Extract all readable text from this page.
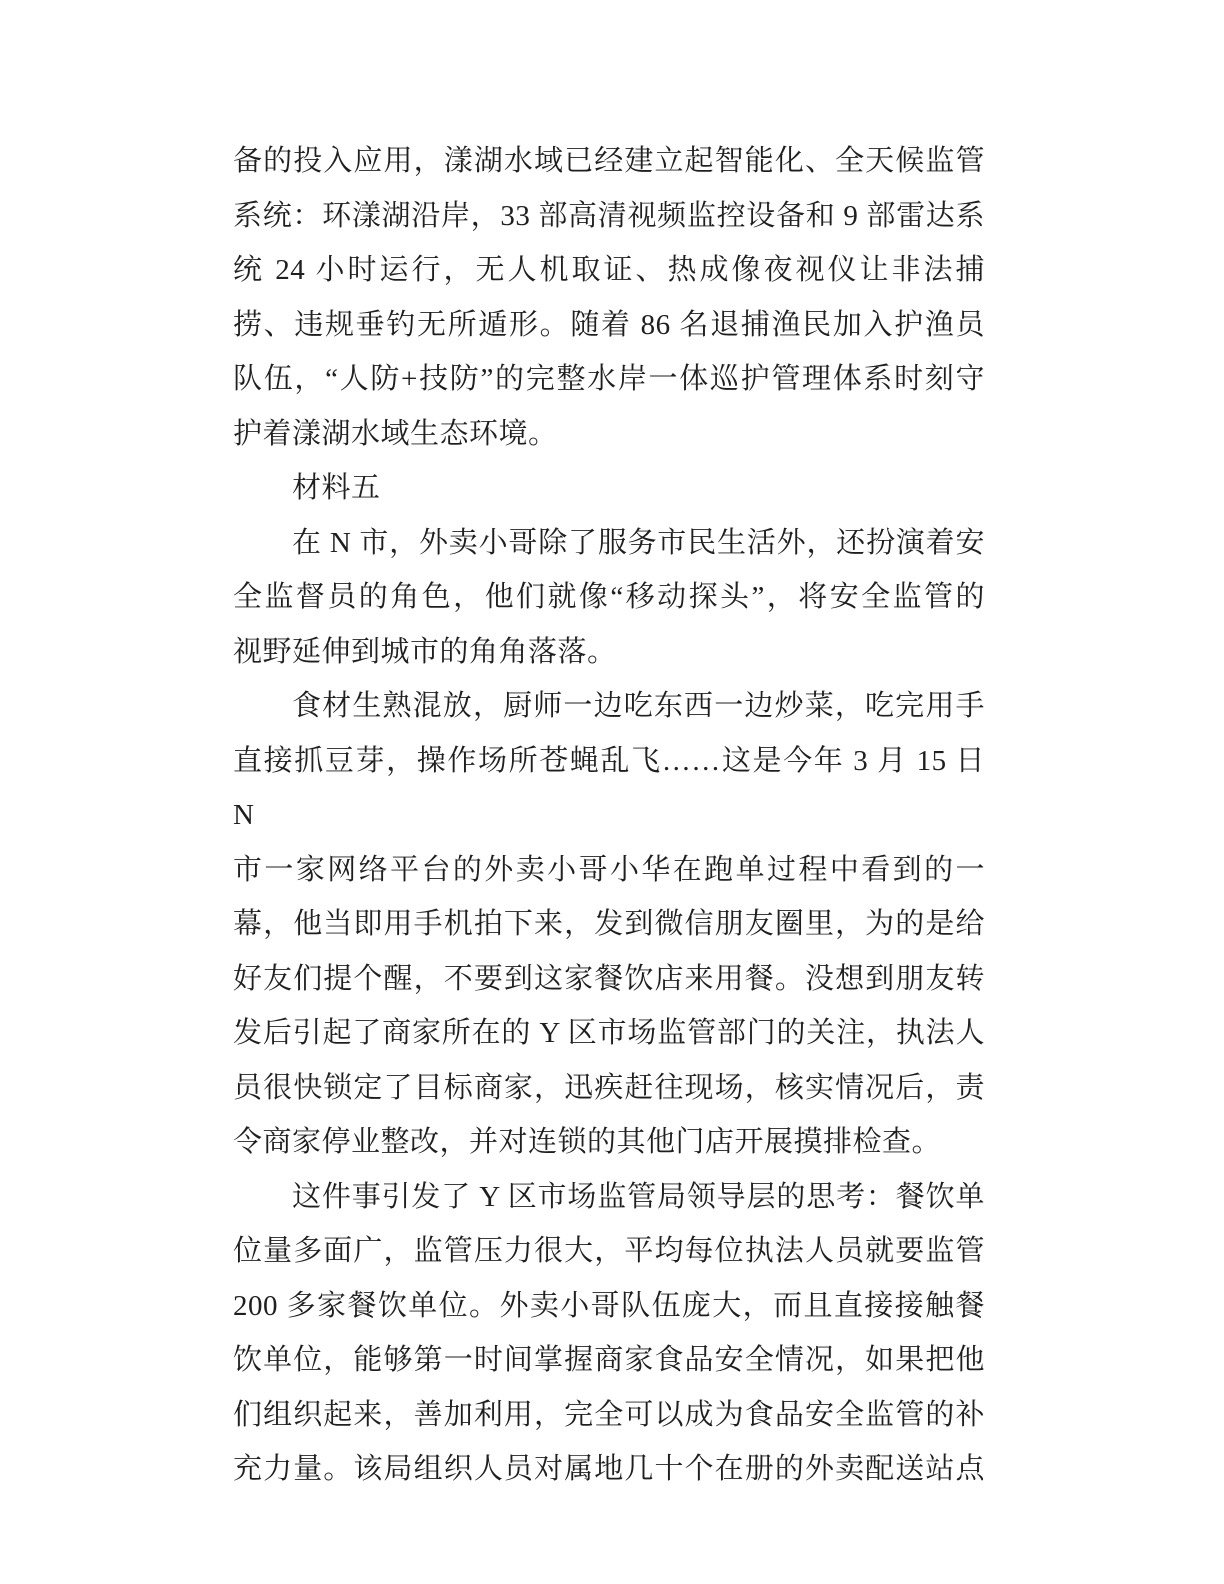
备的投入应用，漾湖水域已经建立起智能化、全天候监管
系统：环漾湖沿岸，33 部高清视频监控设备和 9 部雷达系
统 24 小时运行，无人机取证、热成像夜视仪让非法捕
捞、违规垂钓无所遁形。随着 86 名退捕渔民加入护渔员
队伍，“人防+技防”的完整水岸一体巡护管理体系时刻守
护着漾湖水域生态环境。
材料五
在 N 市，外卖小哥除了服务市民生活外，还扮演着安
全监督员的角色，他们就像“移动探头”，将安全监管的
视野延伸到城市的角角落落。
食材生熟混放，厨师一边吃东西一边炒菜，吃完用手
直接抓豆芽，操作场所苍蝇乱飞……这是今年 3 月 15 日 N
市一家网络平台的外卖小哥小华在跑单过程中看到的一
幕，他当即用手机拍下来，发到微信朋友圈里，为的是给
好友们提个醒，不要到这家餐饮店来用餐。没想到朋友转
发后引起了商家所在的 Y 区市场监管部门的关注，执法人
员很快锁定了目标商家，迅疾赶往现场，核实情况后，责
令商家停业整改，并对连锁的其他门店开展摸排检查。
这件事引发了 Y 区市场监管局领导层的思考：餐饮单
位量多面广，监管压力很大，平均每位执法人员就要监管
200 多家餐饮单位。外卖小哥队伍庞大，而且直接接触餐
饮单位，能够第一时间掌握商家食品安全情况，如果把他
们组织起来，善加利用，完全可以成为食品安全监管的补
充力量。该局组织人员对属地几十个在册的外卖配送站点
